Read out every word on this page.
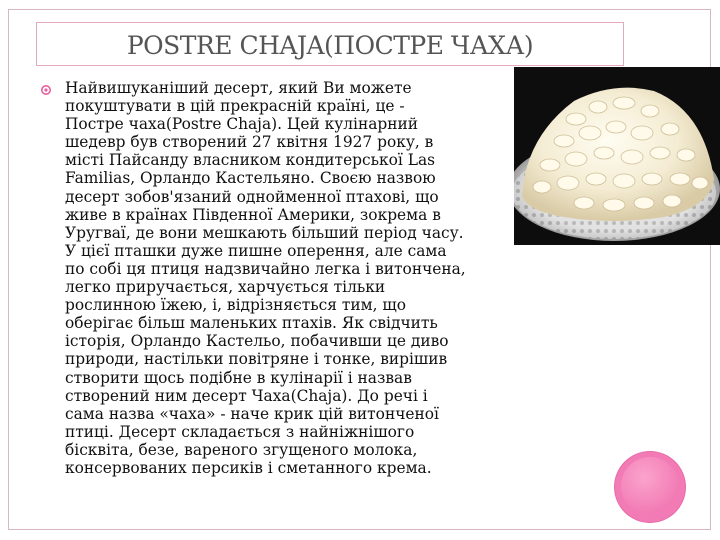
POSTRE CHAJA(ПОСТРЕ ЧАХА)
Найвишуканіший десерт, який Ви можете
покуштувати в цій прекрасній країні, це -
Постре чаха(Postre Chaja). Цей кулінарний
шедевр був створений 27 квітня 1927 року, в
місті Пайсанду власником кондитерської Las
Familias, Орландо Кастельяно. Своєю назвою
десерт зобов'язаний однойменної птахові, що
живе в країнах Південної Америки, зокрема в
Уругваї, де вони мешкають більший період часу.
У цієї пташки дуже пишне оперення, але сама
по собі ця птиця надзвичайно легка і витончена,
легко приручається, харчується тільки
рослинною їжею, і, відрізняється тим, що
оберігає більш маленьких птахів. Як свідчить
історія, Орландо Кастельо, побачивши це диво
природи, настільки повітряне і тонке, вирішив
створити щось подібне в кулінарії і назвав
створений ним десерт Чаха(Chaja). До речі і
сама назва «чаха» - наче крик цій витонченої
птиці. Десерт складається з найніжнішого
бісквіта, безе, вареного згущеного молока,
консервованих персиків і сметанного крема.
